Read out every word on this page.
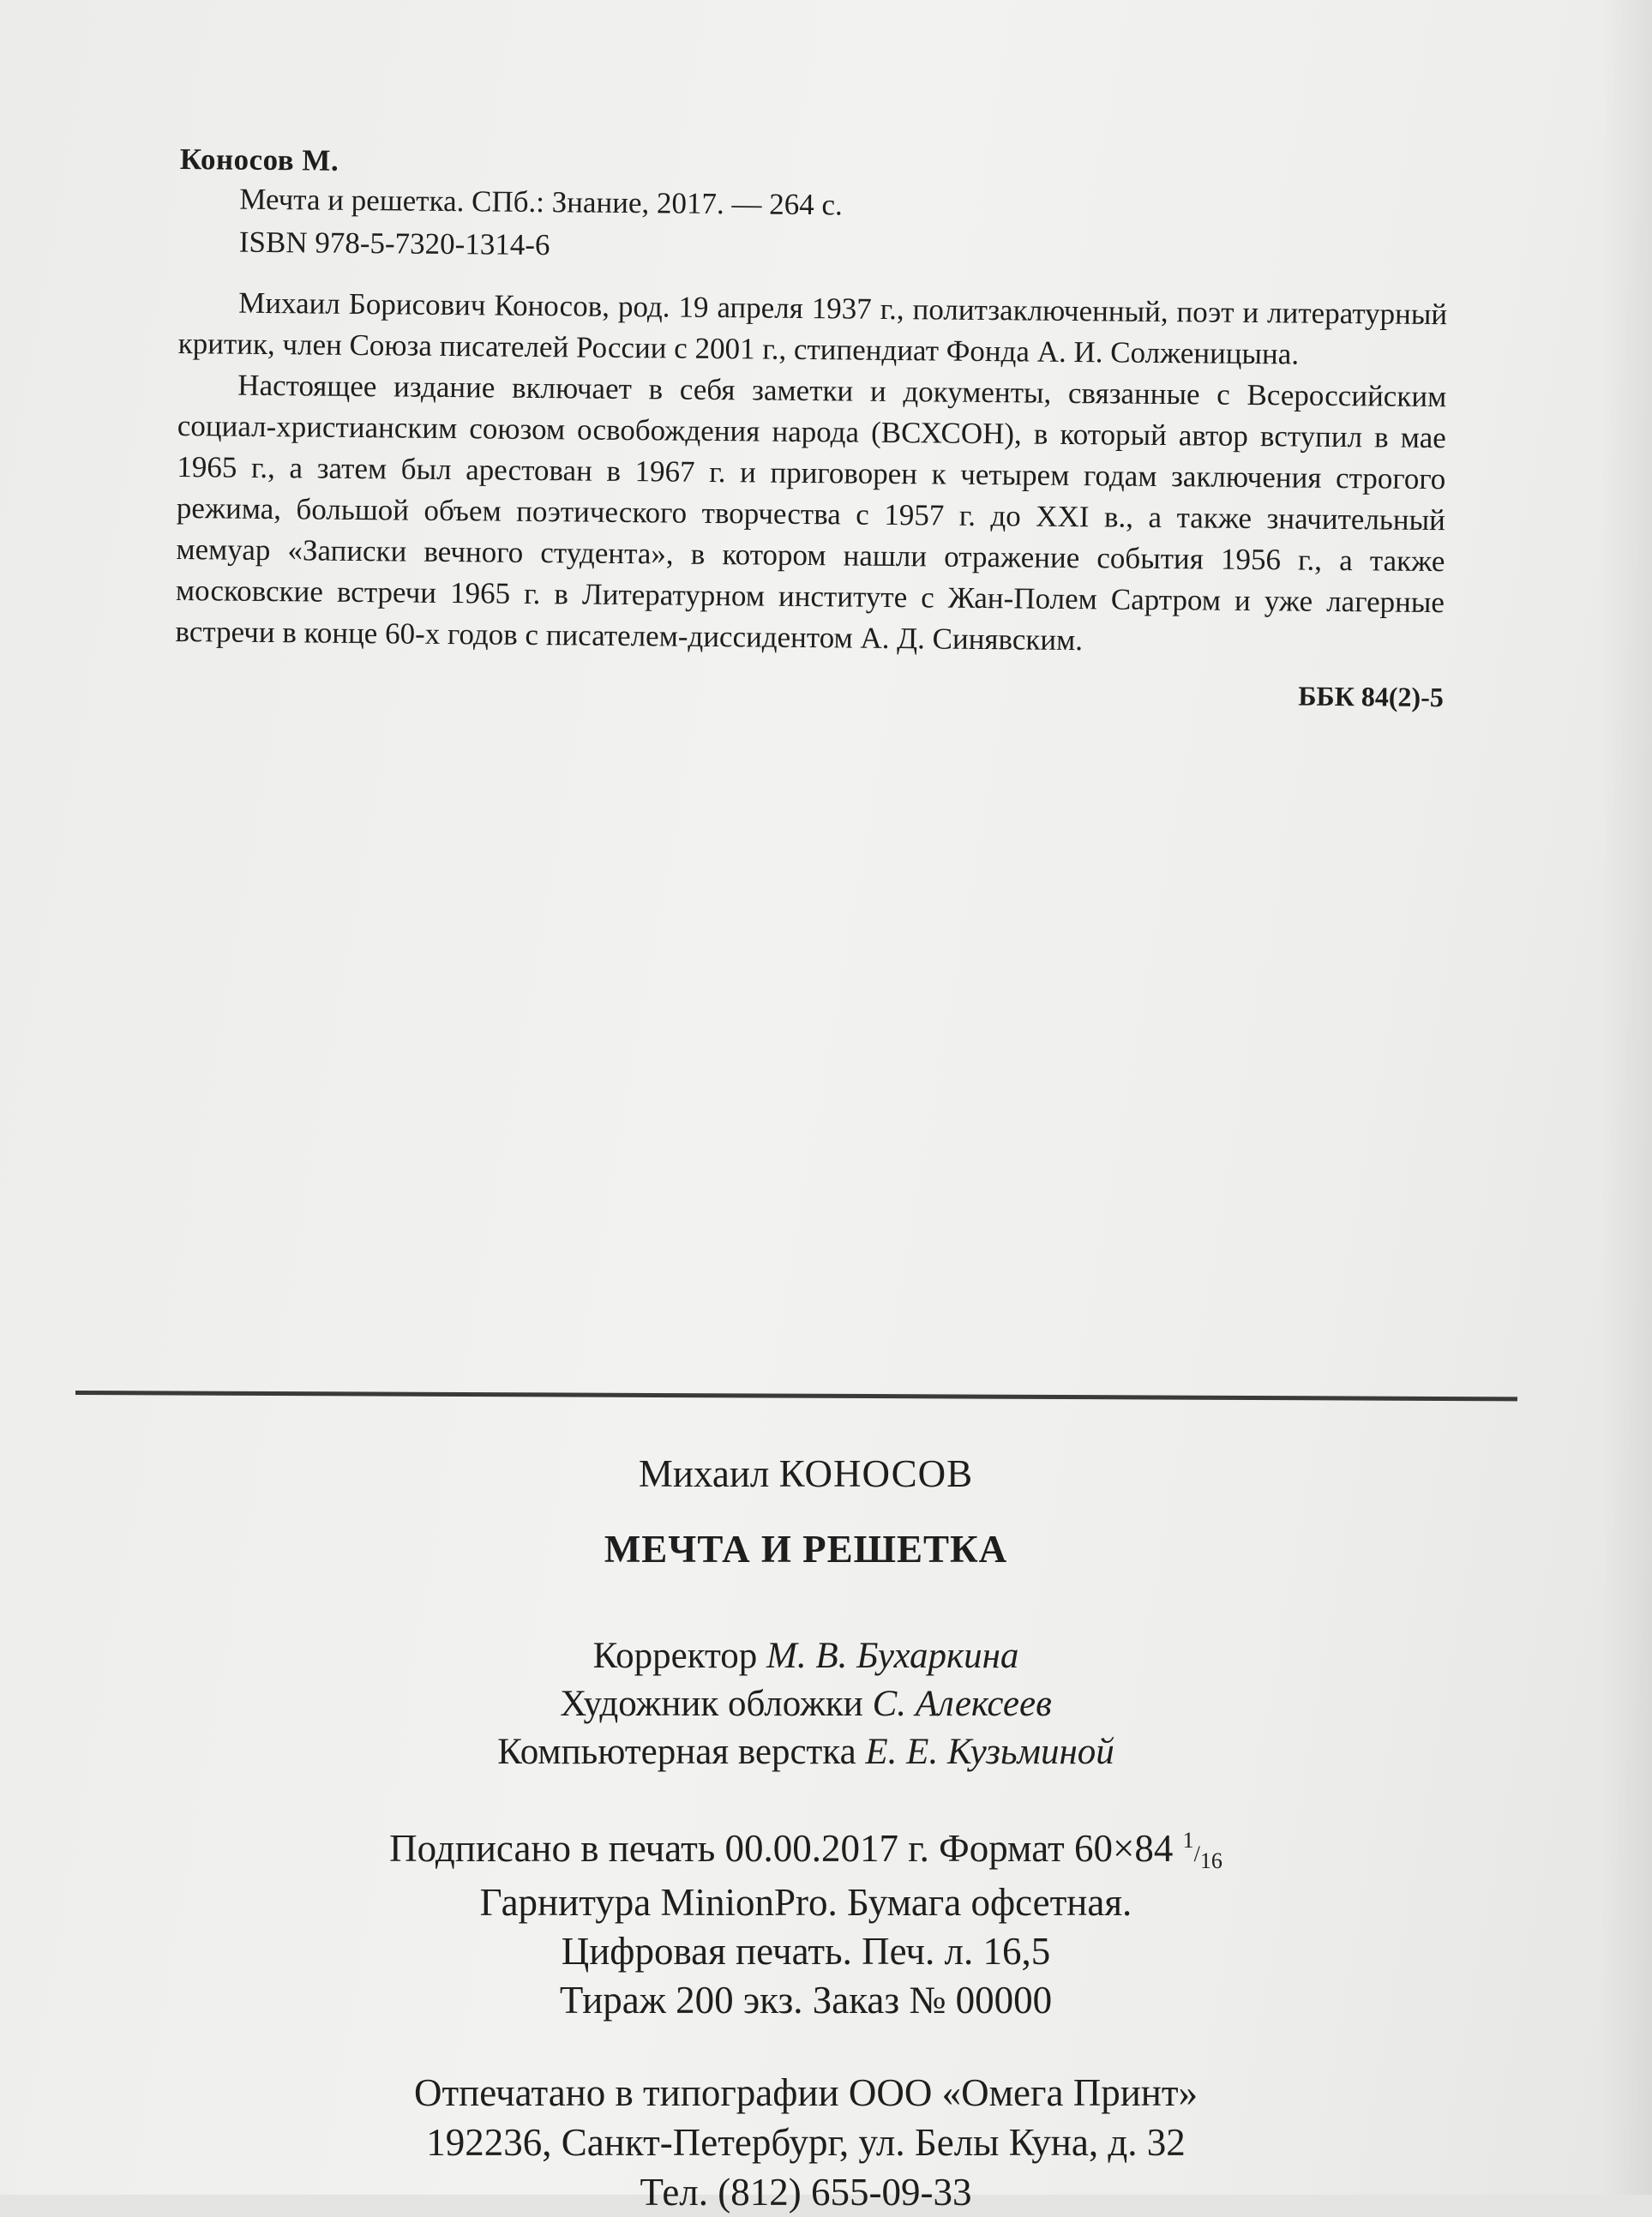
Коносов М.
Мечта и решетка. СПб.: Знание, 2017. — 264 с.
ISBN 978-5-7320-1314-6

Михаил Борисович Коносов, род. 19 апреля 1937 г., политзаключенный, поэт и литературный критик, член Союза писателей России с 2001 г., стипендиат Фонда А. И. Солженицына.

Настоящее издание включает в себя заметки и документы, связанные с Всероссийским социал-христианским союзом освобождения народа (ВСХСОН), в который автор вступил в мае 1965 г., а затем был арестован в 1967 г. и приговорен к четырем годам заключения строгого режима, большой объем поэтического творчества с 1957 г. до XXI в., а также значительный мемуар «Записки вечного студента», в котором нашли отражение события 1956 г., а также московские встречи 1965 г. в Литературном институте с Жан-Полем Сартром и уже лагерные встречи в конце 60-х годов с писателем-диссидентом А. Д. Синявским.

ББК 84(2)-5
Михаил КОНОСОВ
МЕЧТА И РЕШЕТКА
Корректор М. В. Бухаркина
Художник обложки С. Алексеев
Компьютерная верстка Е. Е. Кузьминой
Подписано в печать 00.00.2017 г. Формат 60×84 1/16
Гарнитура MinionPro. Бумага офсетная.
Цифровая печать. Печ. л. 16,5
Тираж 200 экз. Заказ № 00000
Отпечатано в типографии ООО «Омега Принт»
192236, Санкт-Петербург, ул. Белы Куна, д. 32
Тел. (812) 655-09-33
